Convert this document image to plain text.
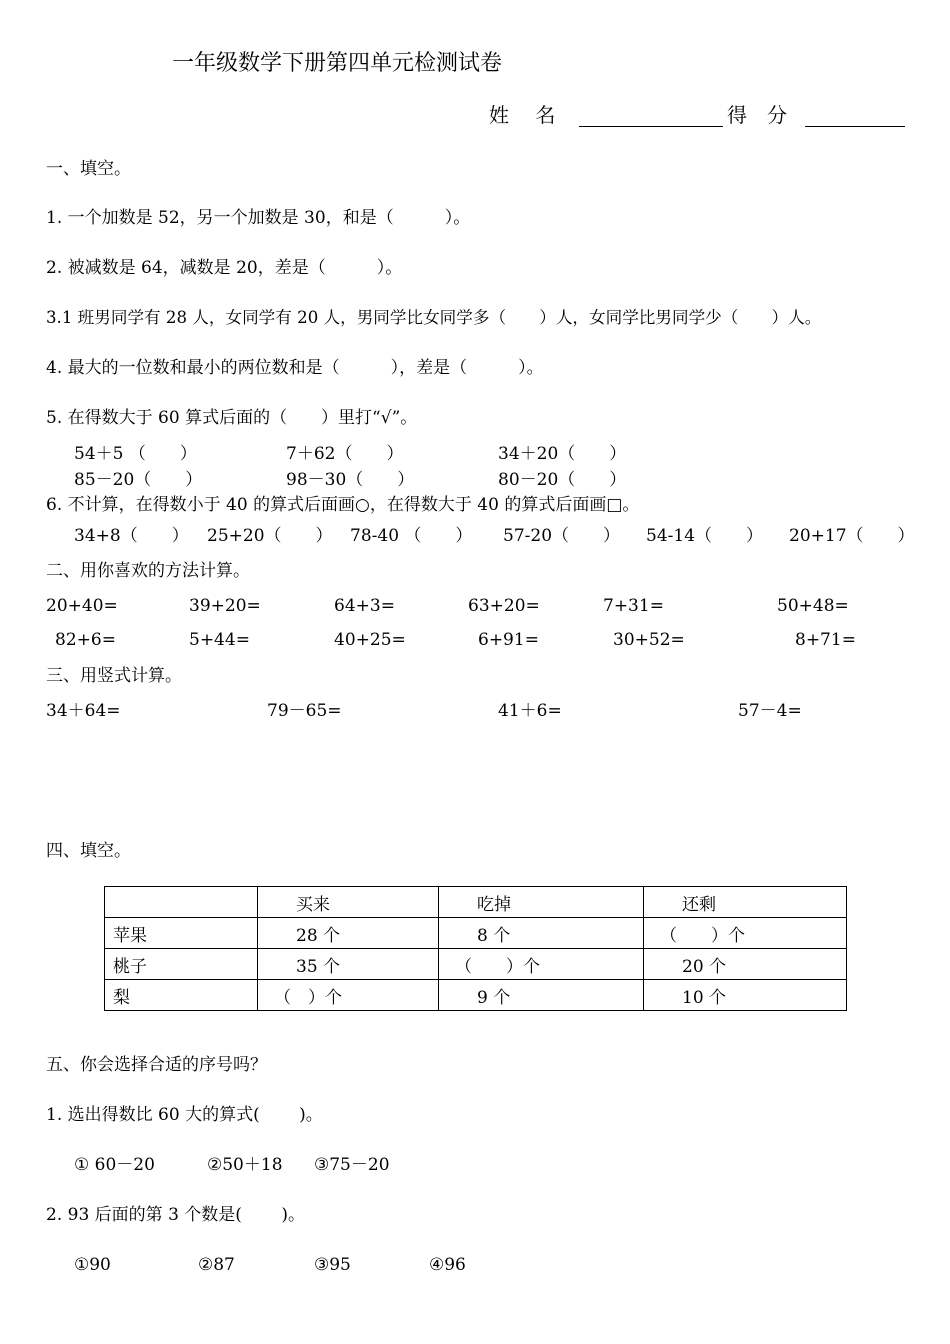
一年级数学下册第四单元检测试卷
姓　 名	得　分
一、填空。
1. 一个加数是 52，另一个加数是 30，和是（　　　）。
2. 被减数是 64，减数是 20，差是（　　　）。
3.1 班男同学有 28 人，女同学有 20 人，男同学比女同学多（　　）人，女同学比男同学少（　　）人。
4. 最大的一位数和最小的两位数和是（　　　），差是（　　　）。
5. 在得数大于 60 算式后面的（　　）里打“√”。
54＋5 （　　）	7＋62（　　）	34＋20（　　）
85－20（　　）	98－30（　　）	80－20（　　）
6. 不计算，在得数小于 40 的算式后面画○，在得数大于 40 的算式后面画□。
34+8（　　） 25+20（　　） 78-40 （　　） 57-20（　　） 54-14（　　） 20+17（　　）
二、用你喜欢的方法计算。
20+40=	39+20=	64+3=	63+20=	7+31=	50+48=
82+6=	5+44=	40+25=	6+91=	30+52=	8+71=
三、用竖式计算。
34＋64=	79－65=	41＋6=	57－4=
四、填空。

	买来	吃掉	还剩

苹果	28 个	8 个	（　　）个

桃子	35 个	（　　）个	20 个

梨	（　）个	9 个	10 个
五、你会选择合适的序号吗？
1. 选出得数比 60 大的算式(　　 )。
① 60－20	②50＋18 ③75－20
2. 93 后面的第 3 个数是(　　 )。
①90	②87	③95	④96
